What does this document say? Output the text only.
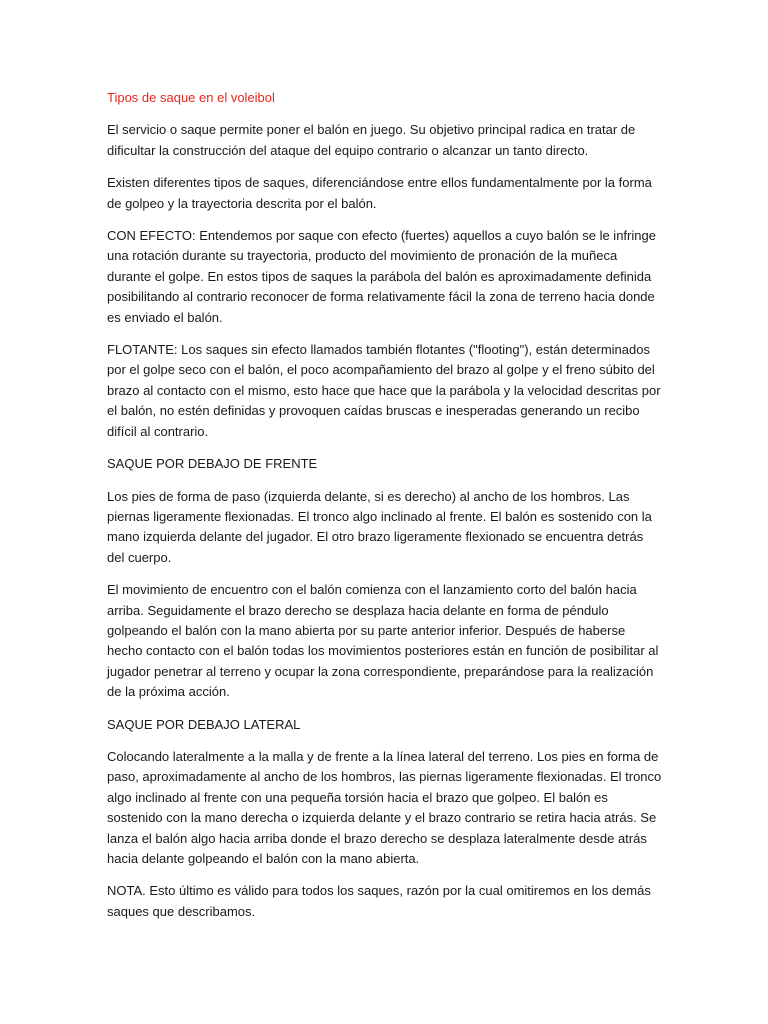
Tipos de saque en el voleibol

El servicio o saque permite poner el balón en juego. Su objetivo principal radica en tratar de dificultar la construcción del ataque del equipo contrario o alcanzar un tanto directo.

Existen diferentes tipos de saques, diferenciándose entre ellos fundamentalmente por la forma de golpeo y la trayectoria descrita por el balón.

CON EFECTO: Entendemos por saque con efecto (fuertes) aquellos a cuyo balón se le infringe una rotación durante su trayectoria, producto del movimiento de pronación de la muñeca durante el golpe. En estos tipos de saques la parábola del balón es aproximadamente definida posibilitando al contrario reconocer de forma relativamente fácil la zona de terreno hacia donde es enviado el balón.

FLOTANTE: Los saques sin efecto llamados también flotantes ("flooting"), están determinados por el golpe seco con el balón, el poco acompañamiento del brazo al golpe y el freno súbito del brazo al contacto con el mismo, esto hace que hace que la parábola y la velocidad descritas por el balón, no estén definidas y provoquen caídas bruscas e inesperadas generando un recibo difícil al contrario.

SAQUE POR DEBAJO DE FRENTE

Los pies de forma de paso (izquierda delante, si es derecho) al ancho de los hombros. Las piernas ligeramente flexionadas. El tronco algo inclinado al frente. El balón es sostenido con la mano izquierda delante del jugador. El otro brazo ligeramente flexionado se encuentra detrás del cuerpo.

El movimiento de encuentro con el balón comienza con el lanzamiento corto del balón hacia arriba. Seguidamente el brazo derecho se desplaza hacia delante en forma de péndulo golpeando el balón con la mano abierta por su parte anterior inferior. Después de haberse hecho contacto con el balón todas los movimientos posteriores están en función de posibilitar al jugador penetrar al terreno y ocupar la zona correspondiente, preparándose para la realización de la próxima acción.

SAQUE POR DEBAJO LATERAL

Colocando lateralmente a la malla y de frente a la línea lateral del terreno. Los pies en forma de paso, aproximadamente al ancho de los hombros, las piernas ligeramente flexionadas. El tronco algo inclinado al frente con una pequeña torsión hacia el brazo que golpeo. El balón es sostenido con la mano derecha o izquierda delante y el brazo contrario se retira hacia atrás. Se lanza el balón algo hacia arriba donde el brazo derecho se desplaza lateralmente desde atrás hacia delante golpeando el balón con la mano abierta.

NOTA. Esto último es válido para todos los saques, razón por la cual omitiremos en los demás saques que describamos.
